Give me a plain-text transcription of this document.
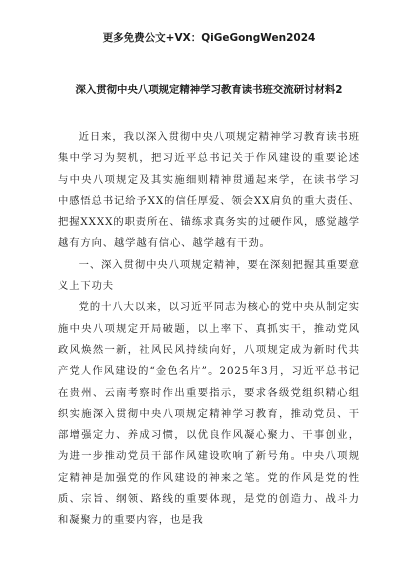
更多免费公文+VX：QiGeGongWen2024
深入贯彻中央八项规定精神学习教育读书班交流研讨材料2

近日来，我以深入贯彻中央八项规定精神学习教育读书班集中学习为契机，把习近平总书记关于作风建设的重要论述与中央八项规定及其实施细则精神贯通起来学，在读书学习中感悟总书记给予XX的信任厚爱、领会XX肩负的重大责任、把握XXXX的职责所在、锚练求真务实的过硬作风，感觉越学越有方向、越学越有信心、越学越有干劲。

一、深入贯彻中央八项规定精神，要在深刻把握其重要意义上下功夫

党的十八大以来，以习近平同志为核心的党中央从制定实施中央八项规定开局破题，以上率下、真抓实干，推动党风政风焕然一新，社风民风持续向好，八项规定成为新时代共产党人作风建设的“金色名片”。2025年3月，习近平总书记在贵州、云南考察时作出重要指示，要求各级党组织精心组织实施深入贯彻中央八项规定精神学习教育，推动党员、干部增强定力、养成习惯，以优良作风凝心聚力、干事创业，为进一步推动党员干部作风建设吹响了新号角。中央八项规定精神是加强党的作风建设的神来之笔。党的作风是党的性质、宗旨、纲领、路线的重要体现，是党的创造力、战斗力和凝聚力的重要内容，也是我
